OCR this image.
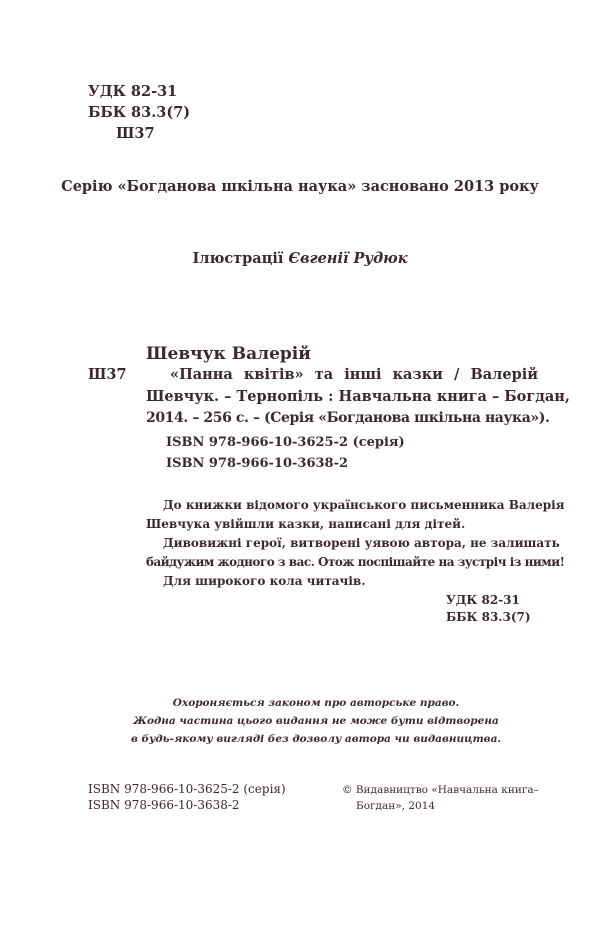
УДК 82-31
ББК 83.3(7)
Ш37
Серію «Богданова шкільна наука» засновано 2013 року
Ілюстрації Євгенії Рудюк
Шевчук Валерій
Ш37	«Панна квітів» та інші казки / Валерій
Шевчук. – Тернопіль : Навчальна книга – Богдан,
2014. – 256 с. – (Серія «Богданова шкільна наука»).
ISBN 978-966-10-3625-2 (серія)
ISBN 978-966-10-3638-2
До книжки відомого українського письменника Валерія
Шевчука увійшли казки, написані для дітей.
Дивовижні герої, витворені уявою автора, не залишать
байдужим жодного з вас. Отож поспішайте на зустріч із ними!
Для широкого кола читачів.
УДК 82-31
ББК 83.3(7)
Охороняється законом про авторське право.
Жодна частина цього видання не може бути відтворена
в будь-якому вигляді без дозволу автора чи видавництва.
ISBN 978-966-10-3625-2 (серія)
ISBN 978-966-10-3638-2
© Видавництво «Навчальна книга–
Богдан», 2014
